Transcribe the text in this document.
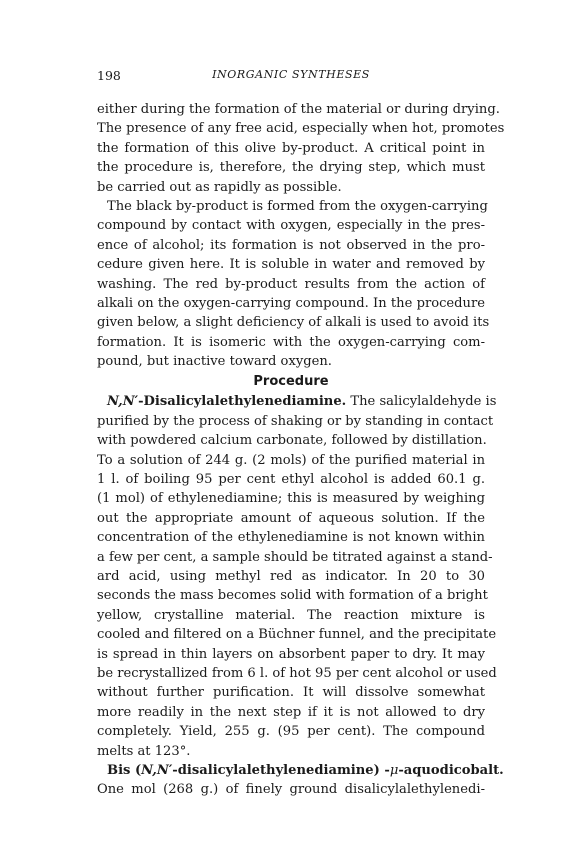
198	INORGANIC SYNTHESES
either during the formation of the material or during drying.
The presence of any free acid, especially when hot, promotes
the formation of this olive by-product. A critical point in
the procedure is, therefore, the drying step, which must
be carried out as rapidly as possible.
The black by-product is formed from the oxygen-carrying
compound by contact with oxygen, especially in the pres-
ence of alcohol; its formation is not observed in the pro-
cedure given here. It is soluble in water and removed by
washing. The red by-product results from the action of
alkali on the oxygen-carrying compound. In the procedure
given below, a slight deficiency of alkali is used to avoid its
formation. It is isomeric with the oxygen-carrying com-
pound, but inactive toward oxygen.
Procedure
N,N′-Disalicylalethylenediamine. The salicylaldehyde is
purified by the process of shaking or by standing in contact
with powdered calcium carbonate, followed by distillation.
To a solution of 244 g. (2 mols) of the purified material in
1 l. of boiling 95 per cent ethyl alcohol is added 60.1 g.
(1 mol) of ethylenediamine; this is measured by weighing
out the appropriate amount of aqueous solution. If the
concentration of the ethylenediamine is not known within
a few per cent, a sample should be titrated against a stand-
ard acid, using methyl red as indicator. In 20 to 30
seconds the mass becomes solid with formation of a bright
yellow, crystalline material. The reaction mixture is
cooled and filtered on a Büchner funnel, and the precipitate
is spread in thin layers on absorbent paper to dry. It may
be recrystallized from 6 l. of hot 95 per cent alcohol or used
without further purification. It will dissolve somewhat
more readily in the next step if it is not allowed to dry
completely. Yield, 255 g. (95 per cent). The compound
melts at 123°.
Bis (N,N′-disalicylalethylenediamine) -μ-aquodicobalt.
One mol (268 g.) of finely ground disalicylalethylenedi-
